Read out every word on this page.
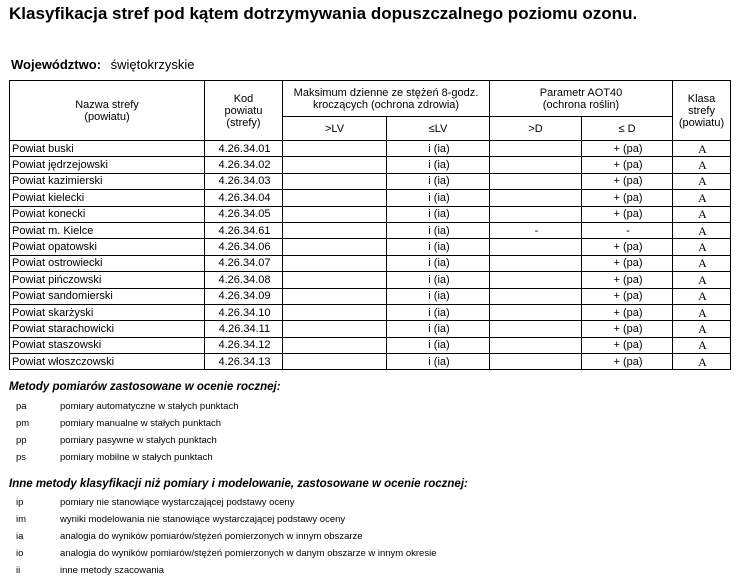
Klasyfikacja stref pod kątem dotrzymywania dopuszczalnego poziomu ozonu.
Województwo: świętokrzyskie
Nazwa strefy (powiatu)	Kod powiatu (strefy)	Maksimum dzienne ze stężeń 8-godz. kroczących (ochrona zdrowia)		Parametr AOT40 (ochrona roślin)		Klasa strefy (powiatu)
		>LV	≤LV	>D	≤ D	
Powiat buski	4.26.34.01		i (ia)		+ (pa)	A
Powiat jędrzejowski	4.26.34.02		i (ia)		+ (pa)	A
Powiat kazimierski	4.26.34.03		i (ia)		+ (pa)	A
Powiat kielecki	4.26.34.04		i (ia)		+ (pa)	A
Powiat konecki	4.26.34.05		i (ia)		+ (pa)	A
Powiat m. Kielce	4.26.34.61		i (ia)	-	-	A
Powiat opatowski	4.26.34.06		i (ia)		+ (pa)	A
Powiat ostrowiecki	4.26.34.07		i (ia)		+ (pa)	A
Powiat pińczowski	4.26.34.08		i (ia)		+ (pa)	A
Powiat sandomierski	4.26.34.09		i (ia)		+ (pa)	A
Powiat skarżyski	4.26.34.10		i (ia)		+ (pa)	A
Powiat starachowicki	4.26.34.11		i (ia)		+ (pa)	A
Powiat staszowski	4.26.34.12		i (ia)		+ (pa)	A
Powiat włoszczowski	4.26.34.13		i (ia)		+ (pa)	A
Metody pomiarów zastosowane w ocenie rocznej:
pa	pomiary automatyczne w stałych punktach
pm	pomiary manualne w stałych punktach
pp	pomiary pasywne w stałych punktach
ps	pomiary mobilne w stałych punktach
Inne metody klasyfikacji niż pomiary i modelowanie, zastosowane w ocenie rocznej:
ip	pomiary nie stanowiące wystarczającej podstawy oceny
im	wyniki modelowania nie stanowiące wystarczającej podstawy oceny
ia	analogia do wyników pomiarów/stężeń pomierzonych w innym obszarze
io	analogia do wyników pomiarów/stężeń pomierzonych w danym obszarze w innym okresie
ii	inne metody szacowania
